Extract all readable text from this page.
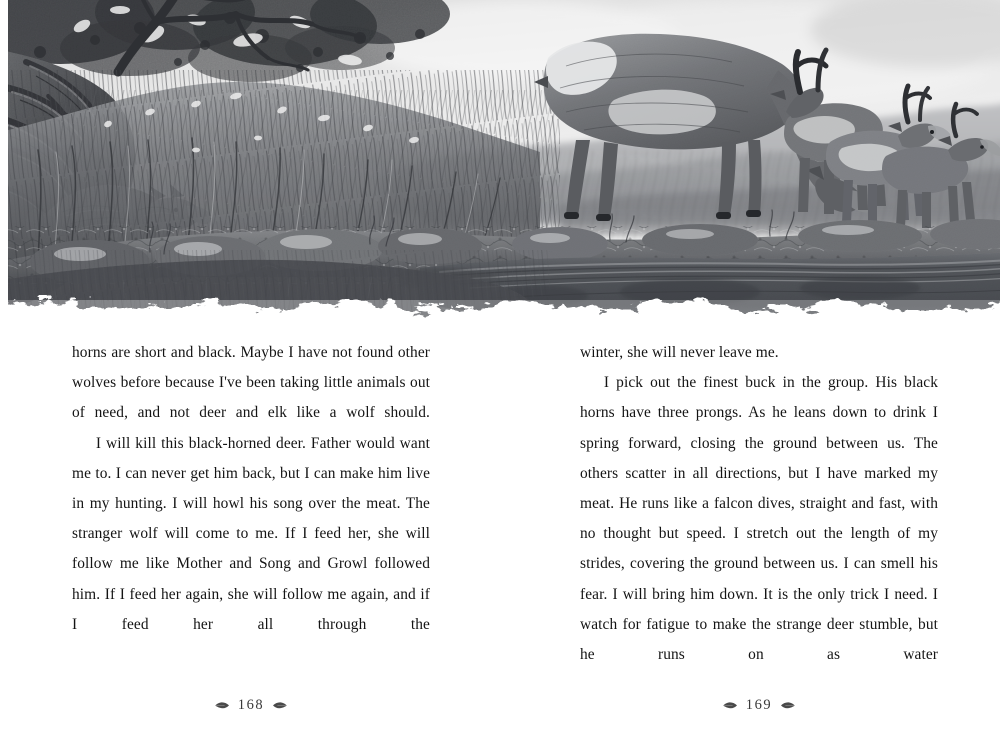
horns are short and black. Maybe I have not found other wolves before because I've been taking little animals out of need, and not deer and elk like a wolf should.

I will kill this black-horned deer. Father would want me to. I can never get him back, but I can make him live in my hunting. I will howl his song over the meat. The stranger wolf will come to me. If I feed her, she will follow me like Mother and Song and Growl followed him. If I feed her again, she will follow me again, and if I feed her all through the

winter, she will never leave me.

I pick out the finest buck in the group. His black horns have three prongs. As he leans down to drink I spring forward, closing the ground between us. The others scatter in all directions, but I have marked my meat. He runs like a falcon dives, straight and fast, with no thought but speed. I stretch out the length of my strides, covering the ground between us. I can smell his fear. I will bring him down. It is the only trick I need. I watch for fatigue to make the strange deer stumble, but he runs on as water

168	169
